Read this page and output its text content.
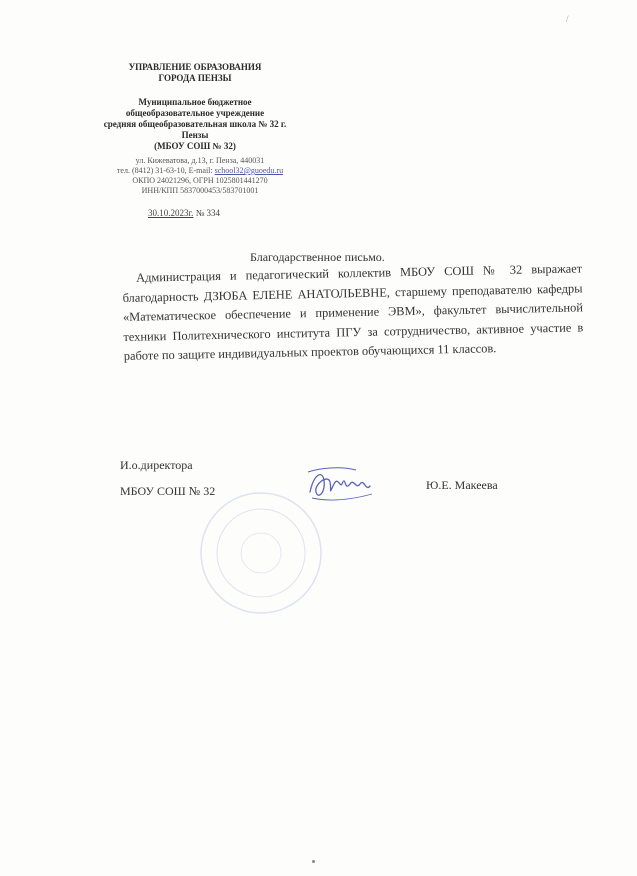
/
УПРАВЛЕНИЕ ОБРАЗОВАНИЯ
ГОРОДА ПЕНЗЫ
Муниципальное бюджетное
общеобразовательное учреждение
средняя общеобразовательная школа № 32 г. Пензы
(МБОУ СОШ № 32)
ул. Кижеватова, д.13, г. Пенза, 440031
тел. (8412) 31-63-10, E-mail: school32@guoedu.ru
ОКПО 24021296, ОГРН 1025801441270
ИНН/КПП 5837000453/583701001
30.10.2023г. № 334
Благодарственное письмо.

Администрация и педагогический коллектив МБОУ СОШ № 32 выражает благодарность ДЗЮБА ЕЛЕНЕ АНАТОЛЬЕВНЕ, старшему преподавателю кафедры «Математическое обеспечение и применение ЭВМ», факультет вычислительной техники Политехнического института ПГУ за сотрудничество, активное участие в работе по защите индивидуальных проектов обучающихся 11 классов.

И.о.директора
МБОУ СОШ № 32	Ю.Е. Макеева
